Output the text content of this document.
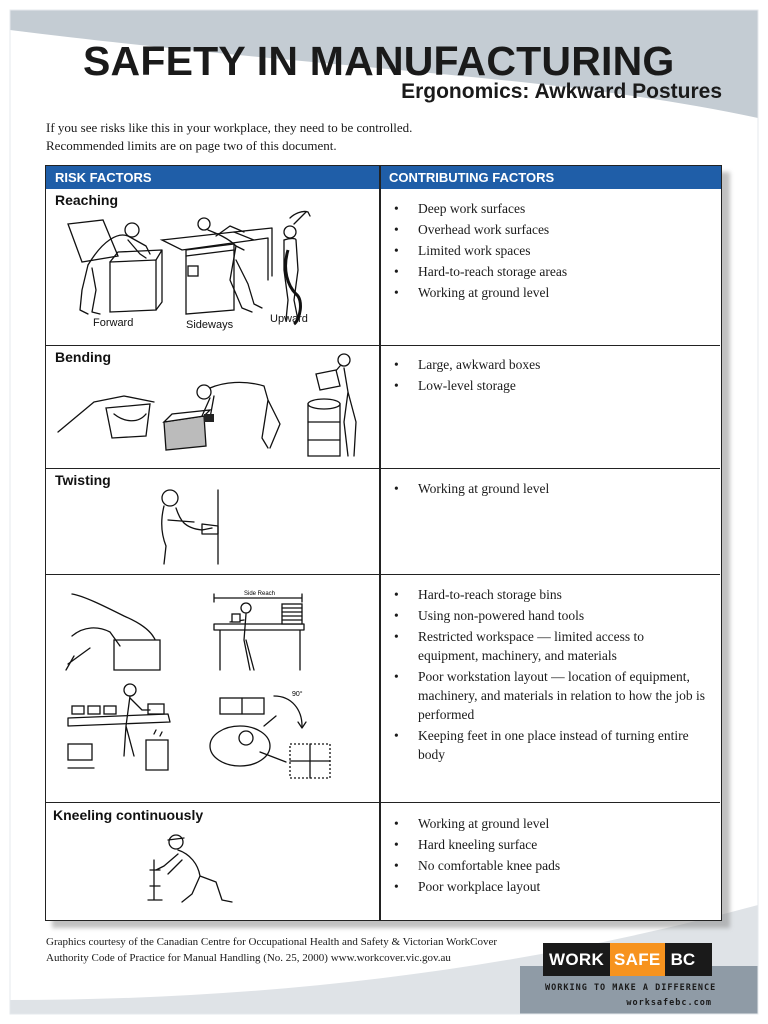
SAFETY IN MANUFACTURING
Ergonomics: Awkward Postures
If you see risks like this in your workplace, they need to be controlled.
Recommended limits are on page two of this document.
RISK FACTORS	CONTRIBUTING FACTORS
Reaching
Forward	Sideways	Upward
• Deep work surfaces
• Overhead work surfaces
• Limited work spaces
• Hard-to-reach storage areas
• Working at ground level
Bending
•	Large, awkward boxes
• Low-level storage
Twisting
• Working at ground level
Side Reach
90°
• Hard-to-reach storage bins
• Using non-powered hand tools
• Restricted workspace — limited access to equipment, machinery, and materials
• Poor workstation layout — location of equipment, machinery, and materials in relation to how the job is performed
• Keeping feet in one place instead of turning entire body
Kneeling continuously
• Working at ground level
• Hard kneeling surface
• No comfortable knee pads
• Poor workplace layout
Graphics courtesy of the Canadian Centre for Occupational Health and Safety & Victorian WorkCover
Authority Code of Practice for Manual Handling (No. 25, 2000) www.workcover.vic.gov.au	WORK SAFE BC
WORKING TO MAKE A DIFFERENCE
worksafebc.com
